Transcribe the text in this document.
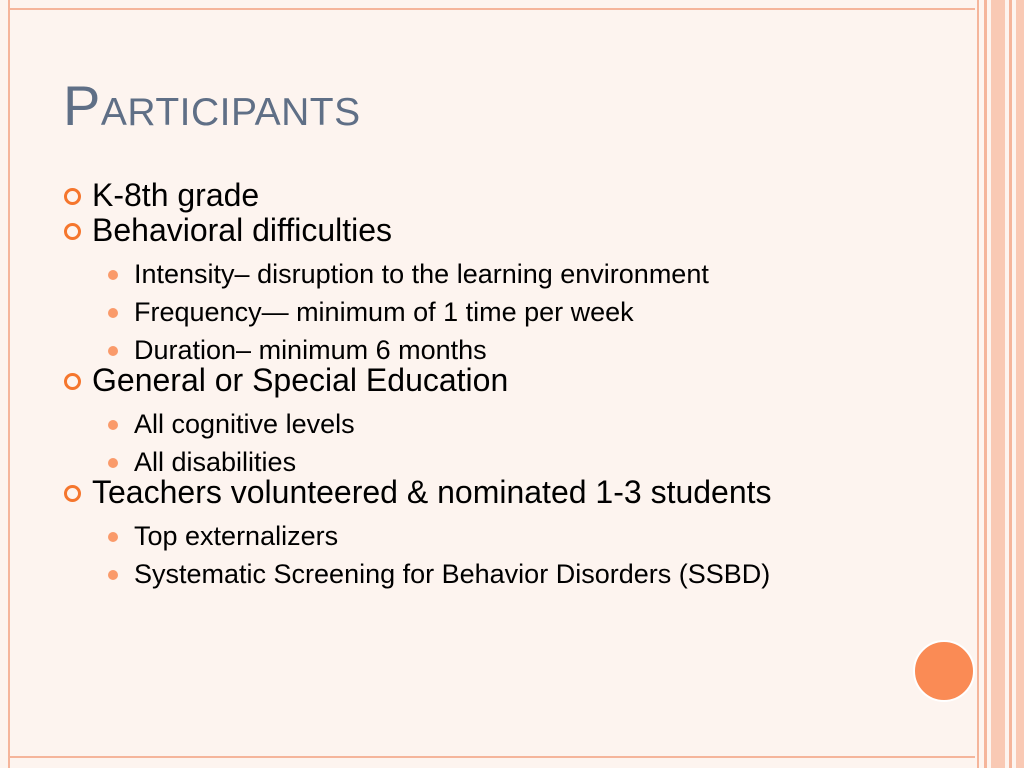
Participants
K-8th grade
Behavioral difficulties
Intensity– disruption to the learning environment
Frequency— minimum of 1 time per week
Duration– minimum 6 months
General or Special Education
All cognitive levels
All disabilities
Teachers volunteered & nominated 1-3 students
Top externalizers
Systematic Screening for Behavior Disorders (SSBD)
